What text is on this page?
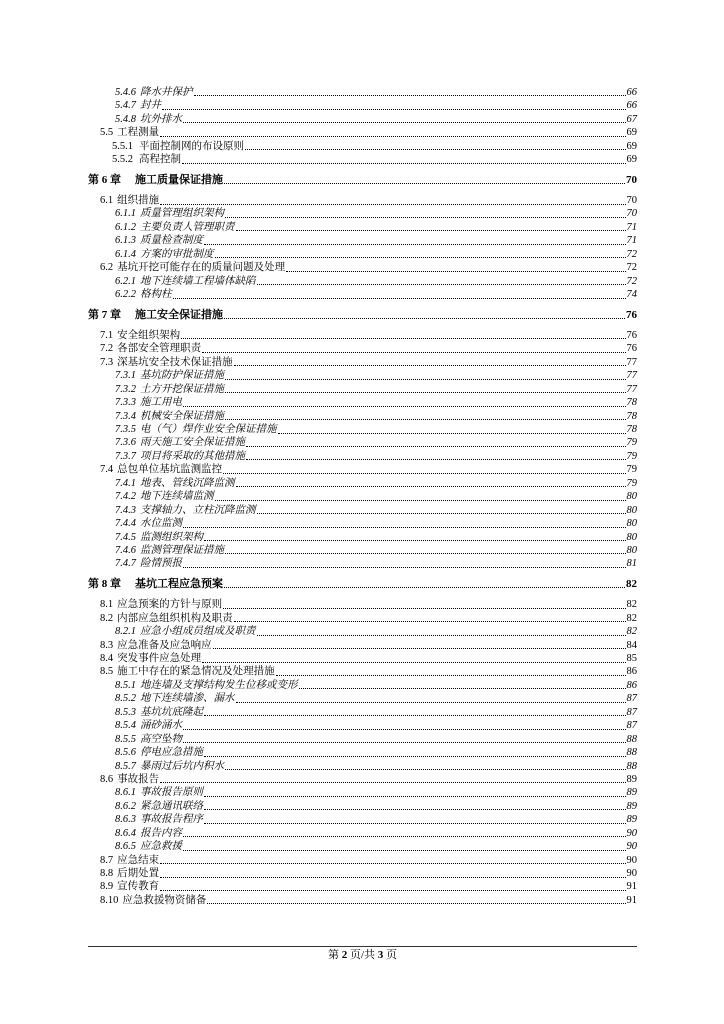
5.4.6 降水井保护	66
5.4.7 封井	66
5.4.8 坑外排水	67
5.5 工程测量	69
5.5.1 平面控制网的布设原则	69
5.5.2 高程控制	69
第 6 章 施工质量保证措施	70
6.1 组织措施	70
6.1.1 质量管理组织架构	70
6.1.2 主要负责人管理职责	71
6.1.3 质量检查制度	71
6.1.4 方案的审批制度	72
6.2 基坑开挖可能存在的质量问题及处理	72
6.2.1 地下连续墙工程墙体缺陷	72
6.2.2 格构柱	74
第 7 章 施工安全保证措施	76
7.1 安全组织架构	76
7.2 各部安全管理职责	76
7.3 深基坑安全技术保证措施	77
7.3.1 基坑防护保证措施	77
7.3.2 土方开挖保证措施	77
7.3.3 施工用电	78
7.3.4 机械安全保证措施	78
7.3.5 电（气）焊作业安全保证措施	78
7.3.6 雨天施工安全保证措施	79
7.3.7 项目将采取的其他措施	79
7.4 总包单位基坑监测监控	79
7.4.1 地表、管线沉降监测	79
7.4.2 地下连续墙监测	80
7.4.3 支撑轴力、立柱沉降监测	80
7.4.4 水位监测	80
7.4.5 监测组织架构	80
7.4.6 监测管理保证措施	80
7.4.7 险情预报	81
第 8 章 基坑工程应急预案	82
8.1 应急预案的方针与原则	82
8.2 内部应急组织机构及职责	82
8.2.1 应急小组成员组成及职责	82
8.3 应急准备及应急响应	84
8.4 突发事件应急处理	85
8.5 施工中存在的紧急情况及处理措施	86
8.5.1 地连墙及支撑结构发生位移或变形	86
8.5.2 地下连续墙渗、漏水	87
8.5.3 基坑坑底隆起	87
8.5.4 涌砂涌水	87
8.5.5 高空坠物	88
8.5.6 停电应急措施	88
8.5.7 暴雨过后坑内积水	88
8.6 事故报告	89
8.6.1 事故报告原则	89
8.6.2 紧急通讯联络	89
8.6.3 事故报告程序	89
8.6.4 报告内容	90
8.6.5 应急救援	90
8.7 应急结束	90
8.8 后期处置	90
8.9 宣传教育	91
8.10 应急救援物资储备	91
第 2 页/共 3 页
